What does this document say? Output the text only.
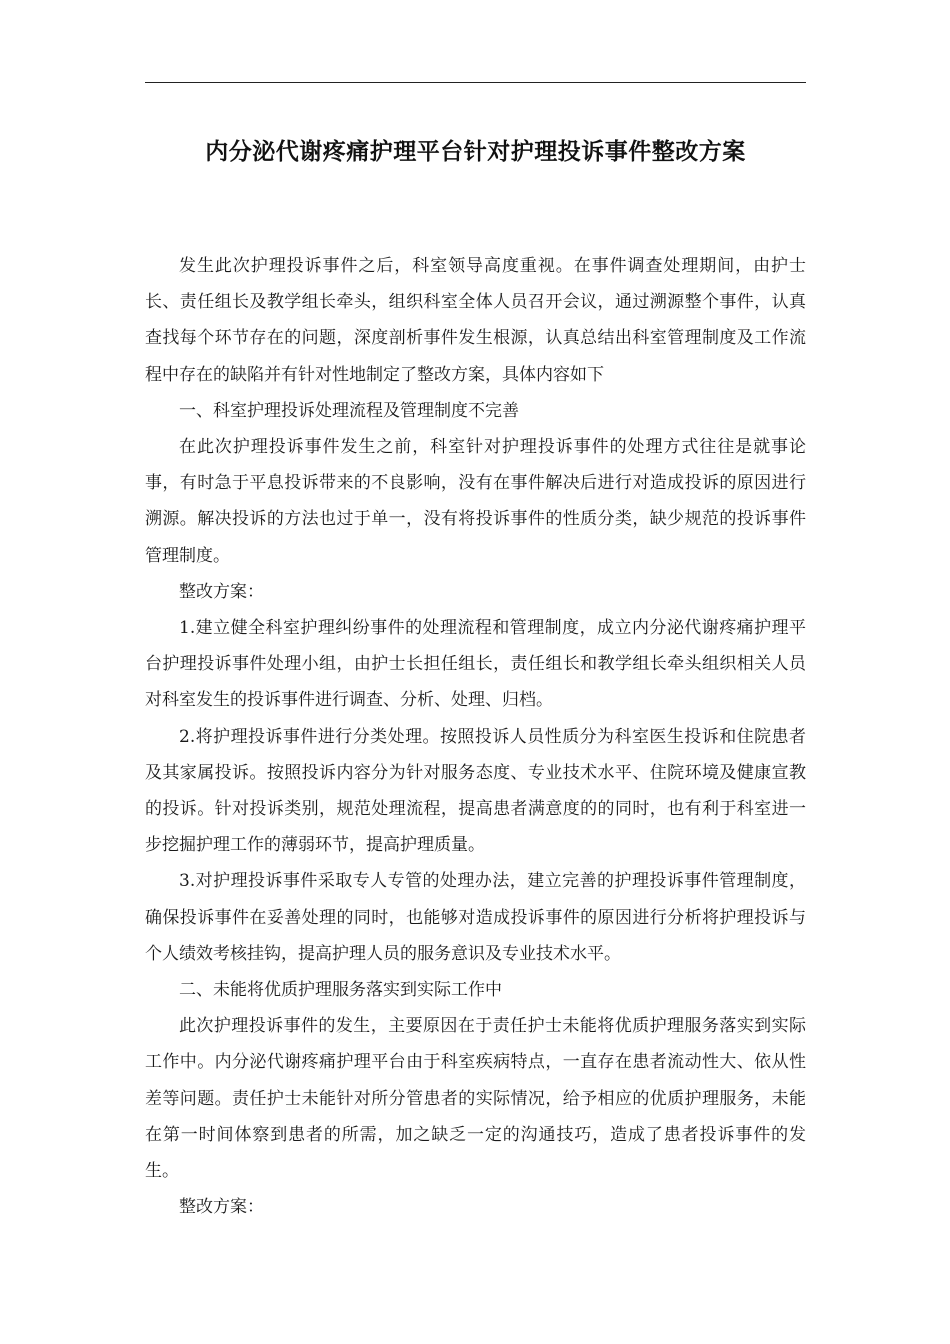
内分泌代谢疼痛护理平台针对护理投诉事件整改方案

发生此次护理投诉事件之后，科室领导高度重视。在事件调查处理期间，由护士长、责任组长及教学组长牵头，组织科室全体人员召开会议，通过溯源整个事件，认真查找每个环节存在的问题，深度剖析事件发生根源，认真总结出科室管理制度及工作流程中存在的缺陷并有针对性地制定了整改方案，具体内容如下

一、科室护理投诉处理流程及管理制度不完善

在此次护理投诉事件发生之前，科室针对护理投诉事件的处理方式往往是就事论事，有时急于平息投诉带来的不良影响，没有在事件解决后进行对造成投诉的原因进行溯源。解决投诉的方法也过于单一，没有将投诉事件的性质分类，缺少规范的投诉事件管理制度。

整改方案：

1.建立健全科室护理纠纷事件的处理流程和管理制度，成立内分泌代谢疼痛护理平台护理投诉事件处理小组，由护士长担任组长，责任组长和教学组长牵头组织相关人员对科室发生的投诉事件进行调查、分析、处理、归档。

2.将护理投诉事件进行分类处理。按照投诉人员性质分为科室医生投诉和住院患者及其家属投诉。按照投诉内容分为针对服务态度、专业技术水平、住院环境及健康宣教的投诉。针对投诉类别，规范处理流程，提高患者满意度的的同时，也有利于科室进一步挖掘护理工作的薄弱环节，提高护理质量。

3.对护理投诉事件采取专人专管的处理办法，建立完善的护理投诉事件管理制度，确保投诉事件在妥善处理的同时，也能够对造成投诉事件的原因进行分析将护理投诉与个人绩效考核挂钩，提高护理人员的服务意识及专业技术水平。

二、未能将优质护理服务落实到实际工作中

此次护理投诉事件的发生，主要原因在于责任护士未能将优质护理服务落实到实际工作中。内分泌代谢疼痛护理平台由于科室疾病特点，一直存在患者流动性大、依从性差等问题。责任护士未能针对所分管患者的实际情况，给予相应的优质护理服务，未能在第一时间体察到患者的所需，加之缺乏一定的沟通技巧，造成了患者投诉事件的发生。

整改方案：
